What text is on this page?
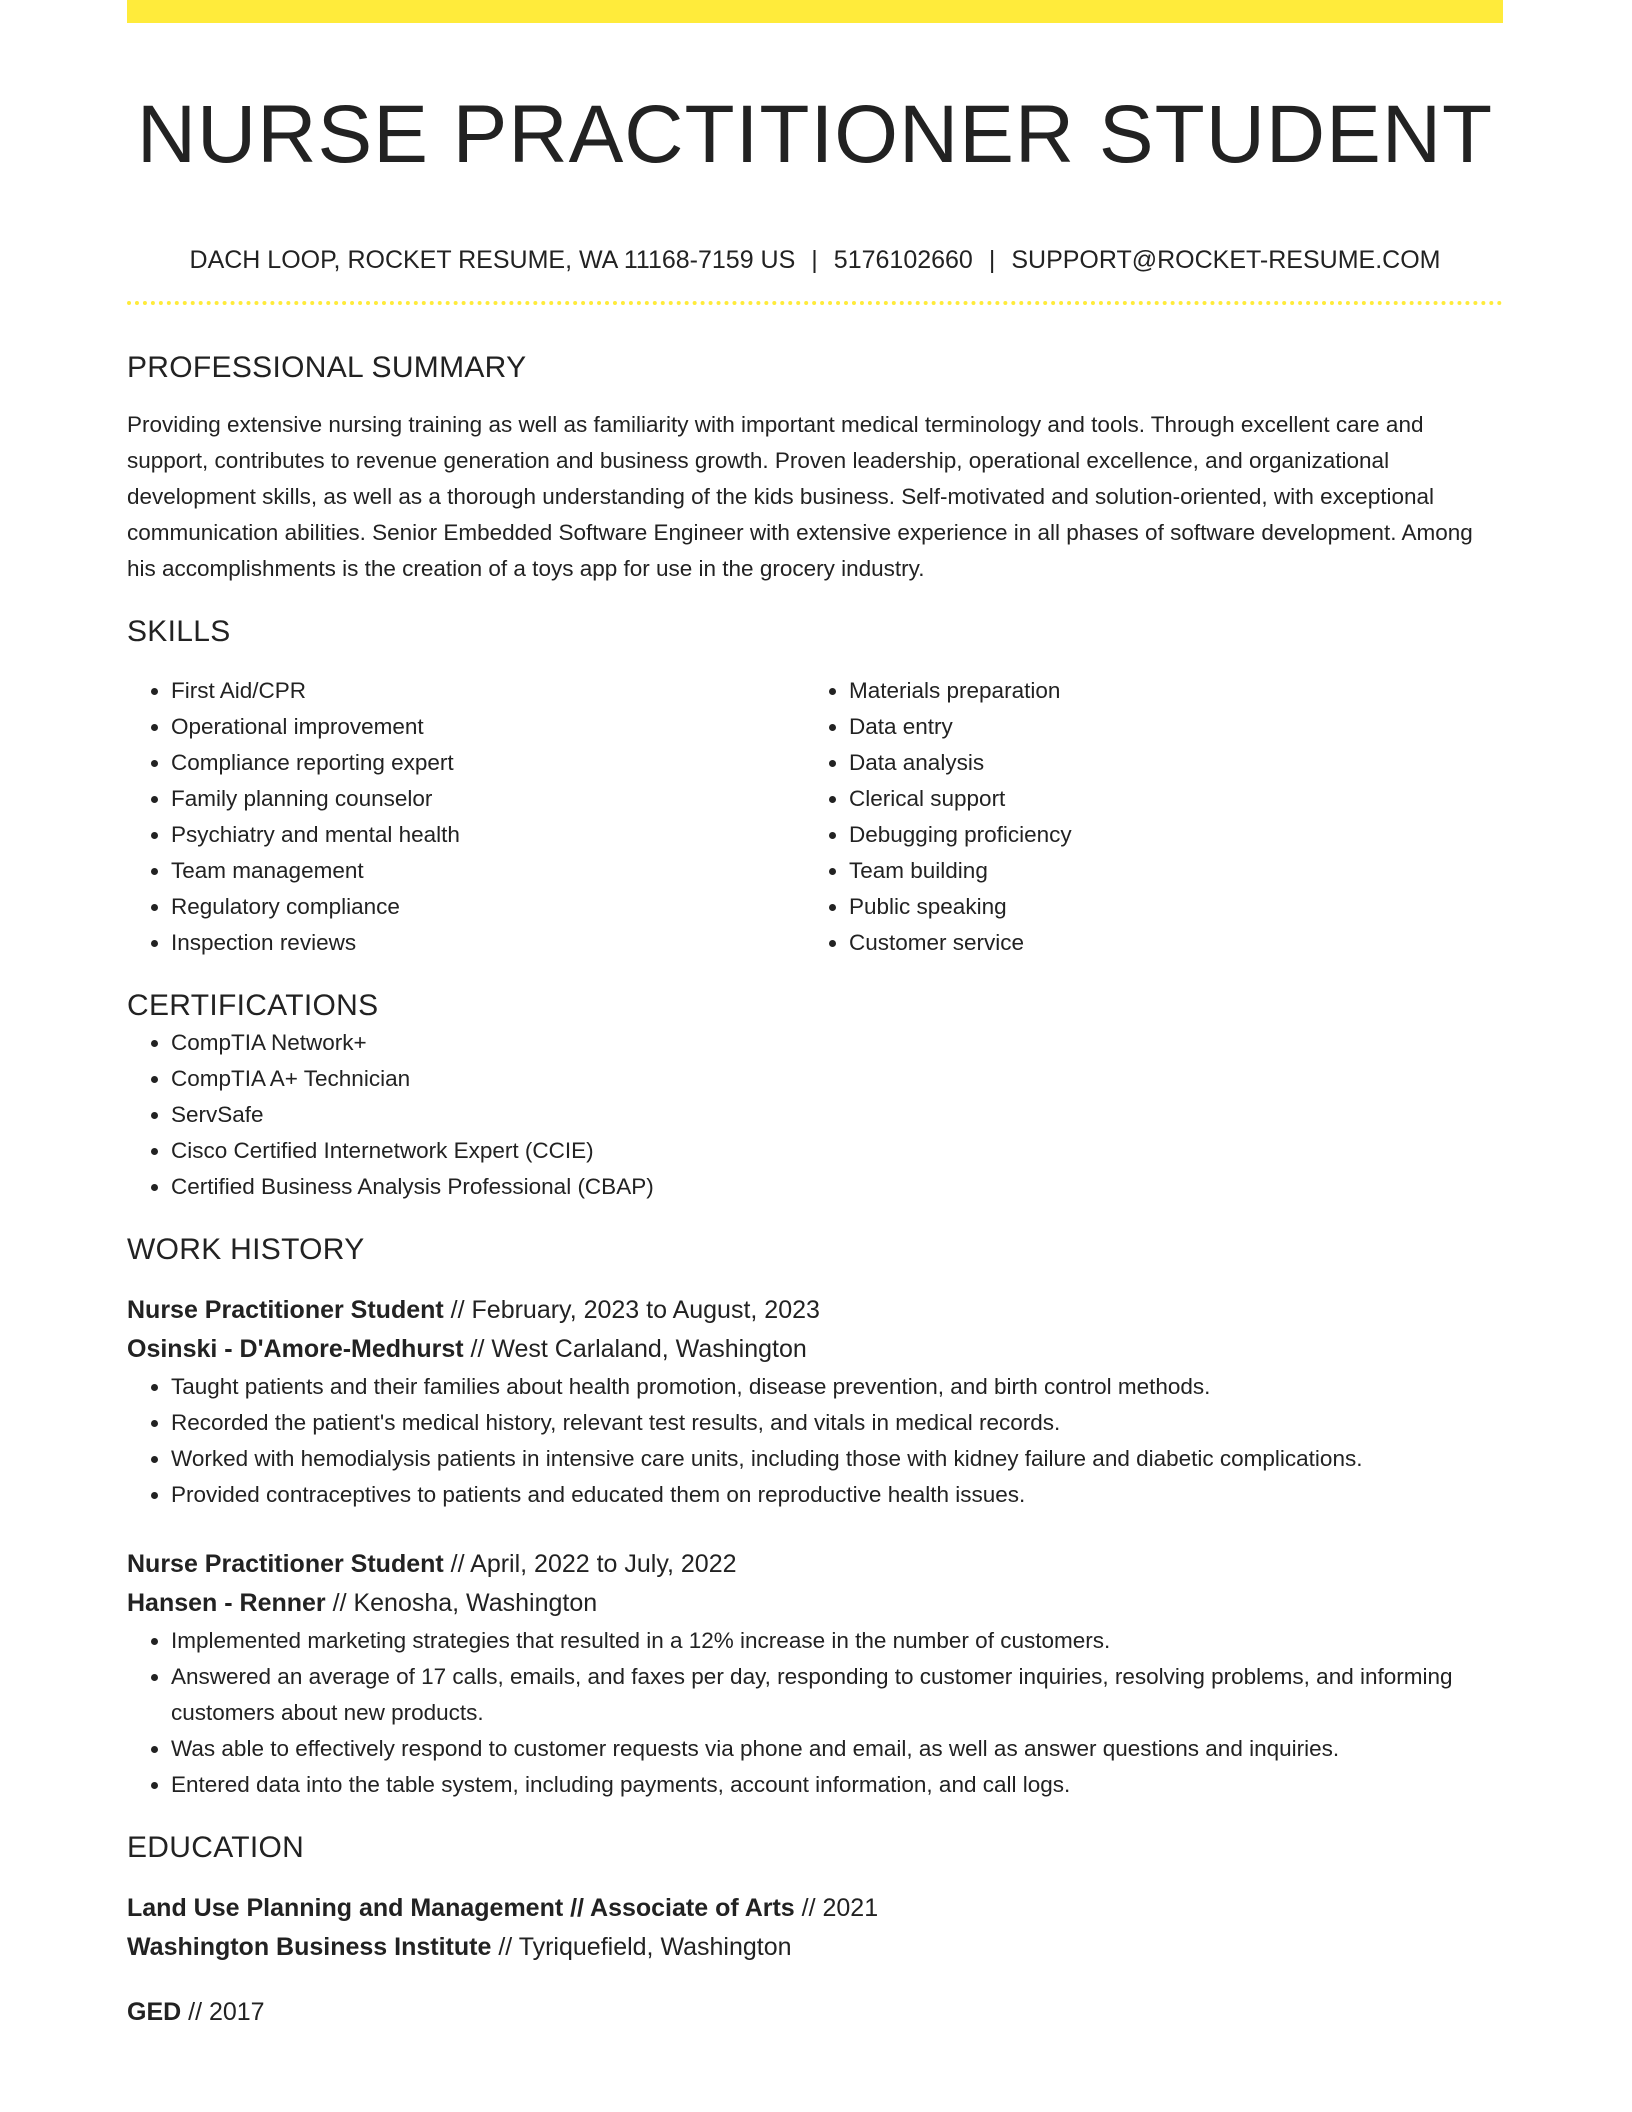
NURSE PRACTITIONER STUDENT
DACH LOOP, ROCKET RESUME, WA 11168-7159 US | 5176102660 | SUPPORT@ROCKET-RESUME.COM
PROFESSIONAL SUMMARY
Providing extensive nursing training as well as familiarity with important medical terminology and tools. Through excellent care and support, contributes to revenue generation and business growth. Proven leadership, operational excellence, and organizational development skills, as well as a thorough understanding of the kids business. Self-motivated and solution-oriented, with exceptional communication abilities. Senior Embedded Software Engineer with extensive experience in all phases of software development. Among his accomplishments is the creation of a toys app for use in the grocery industry.
SKILLS
• First Aid/CPR
• Operational improvement
• Compliance reporting expert
• Family planning counselor
• Psychiatry and mental health
• Team management
• Regulatory compliance
• Inspection reviews
• Materials preparation
• Data entry
• Data analysis
• Clerical support
• Debugging proficiency
• Team building
• Public speaking
• Customer service
CERTIFICATIONS
• CompTIA Network+
• CompTIA A+ Technician
• ServSafe
• Cisco Certified Internetwork Expert (CCIE)
• Certified Business Analysis Professional (CBAP)
WORK HISTORY
Nurse Practitioner Student // February, 2023 to August, 2023
Osinski - D'Amore-Medhurst // West Carlaland, Washington
• Taught patients and their families about health promotion, disease prevention, and birth control methods.
• Recorded the patient's medical history, relevant test results, and vitals in medical records.
• Worked with hemodialysis patients in intensive care units, including those with kidney failure and diabetic complications.
• Provided contraceptives to patients and educated them on reproductive health issues.
Nurse Practitioner Student // April, 2022 to July, 2022
Hansen - Renner // Kenosha, Washington
• Implemented marketing strategies that resulted in a 12% increase in the number of customers.
• Answered an average of 17 calls, emails, and faxes per day, responding to customer inquiries, resolving problems, and informing customers about new products.
• Was able to effectively respond to customer requests via phone and email, as well as answer questions and inquiries.
• Entered data into the table system, including payments, account information, and call logs.
EDUCATION
Land Use Planning and Management // Associate of Arts // 2021
Washington Business Institute // Tyriquefield, Washington
GED // 2017
